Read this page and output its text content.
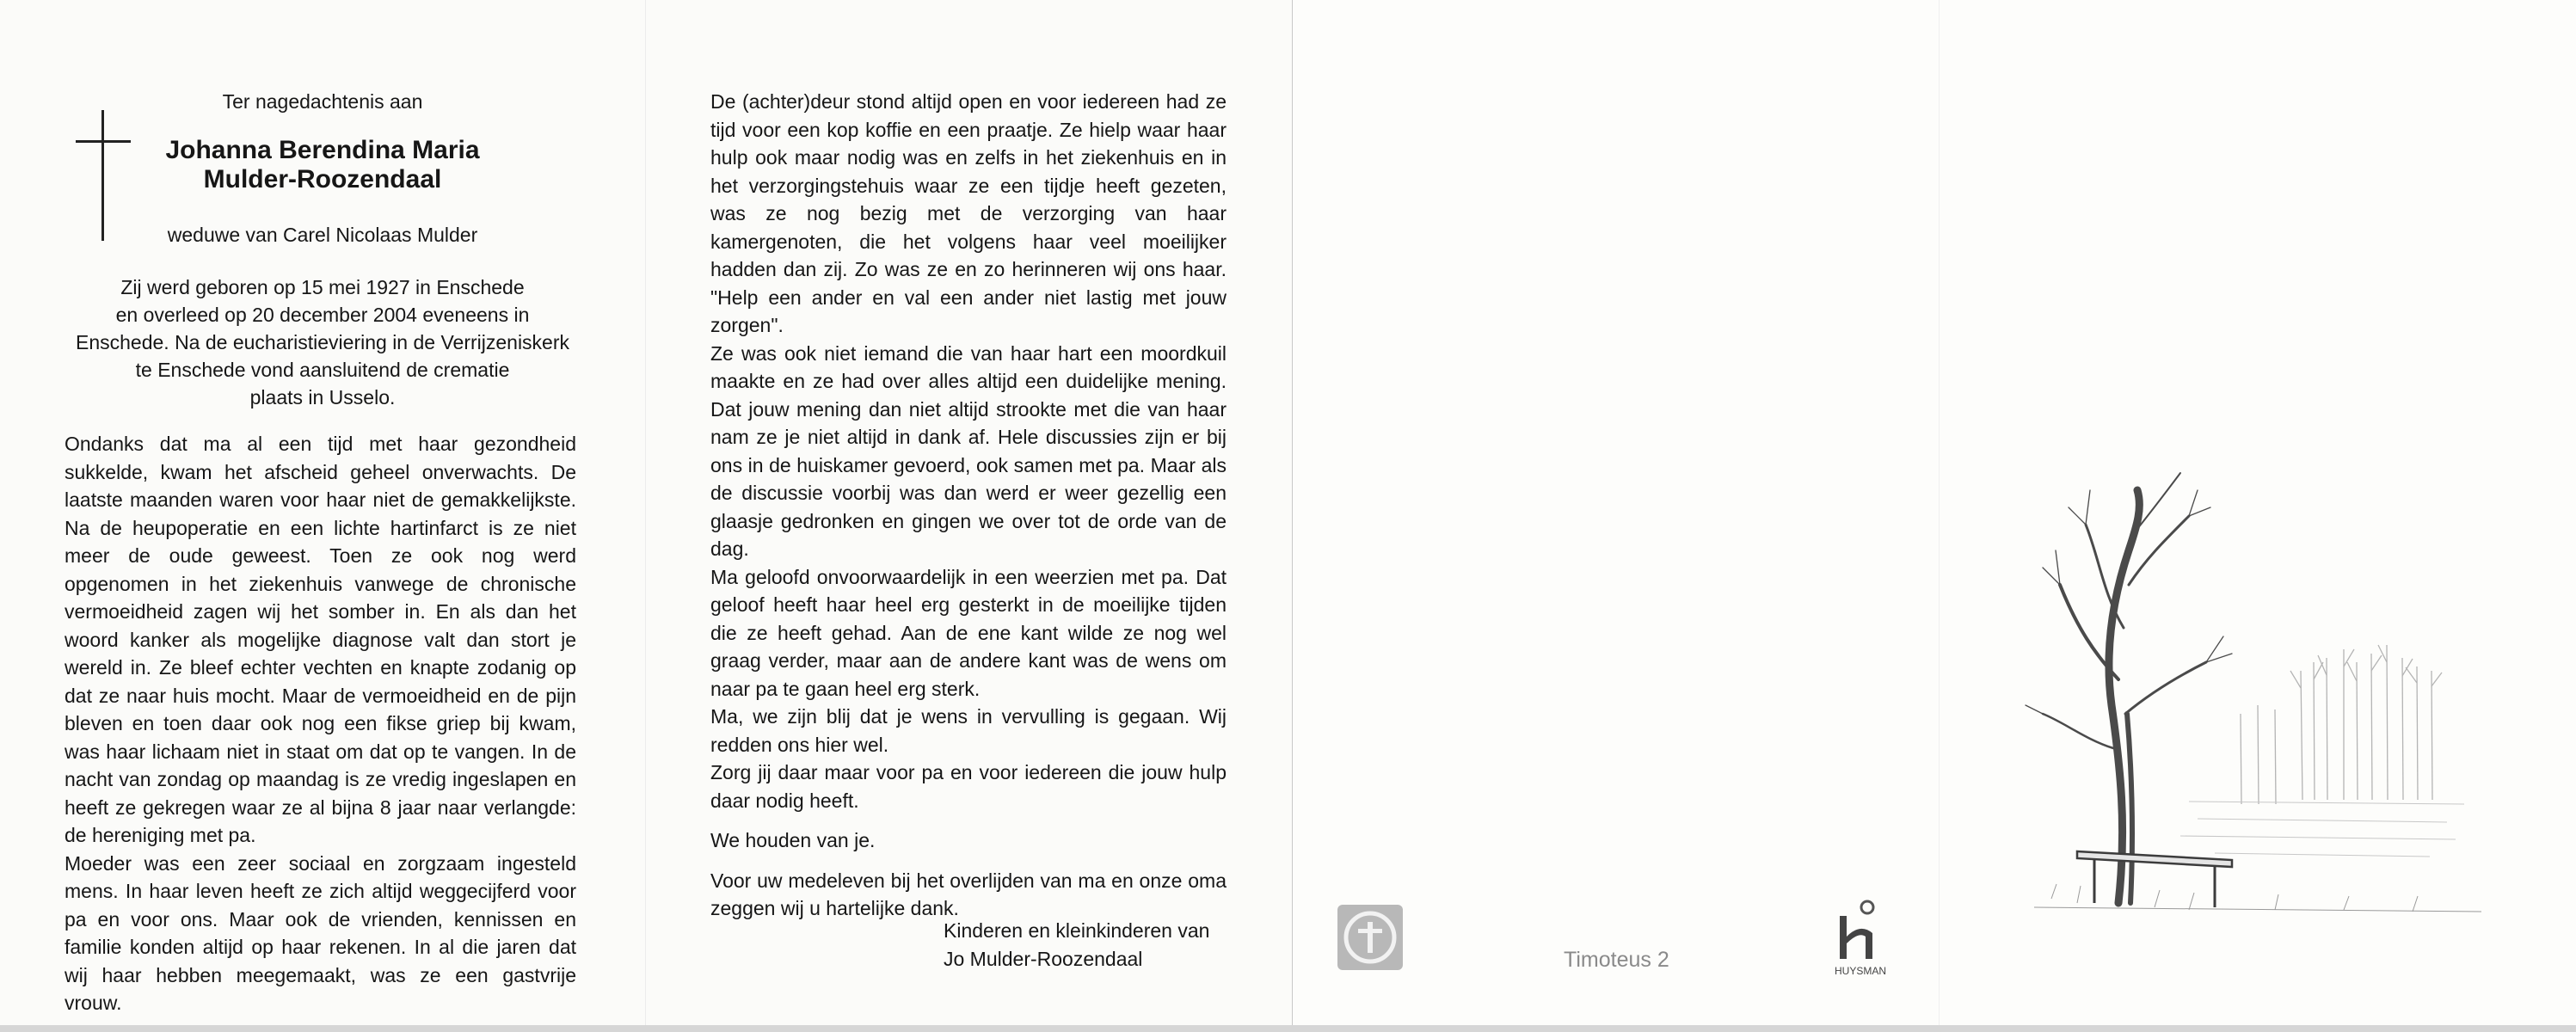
Ter nagedachtenis aan
Johanna Berendina Maria
Mulder-Roozendaal
weduwe van Carel Nicolaas Mulder
Zij werd geboren op 15 mei 1927 in Enschede
en overleed op 20 december 2004 eveneens in
Enschede. Na de eucharistieviering in de Verrijzeniskerk
te Enschede vond aansluitend de crematie
plaats in Usselo.

Ondanks dat ma al een tijd met haar gezondheid sukkelde, kwam het afscheid geheel onverwachts. De laatste maanden waren voor haar niet de gemakkelijkste. Na de heupoperatie en een lichte hartinfarct is ze niet meer de oude geweest. Toen ze ook nog werd opgenomen in het ziekenhuis vanwege de chronische vermoeidheid zagen wij het somber in. En als dan het woord kanker als mogelijke diagnose valt dan stort je wereld in. Ze bleef echter vechten en knapte zodanig op dat ze naar huis mocht. Maar de vermoeidheid en de pijn bleven en toen daar ook nog een fikse griep bij kwam, was haar lichaam niet in staat om dat op te vangen. In de nacht van zondag op maandag is ze vredig ingeslapen en heeft ze gekregen waar ze al bijna 8 jaar naar verlangde: de hereniging met pa.

Moeder was een zeer sociaal en zorgzaam ingesteld mens. In haar leven heeft ze zich altijd weggecijferd voor pa en voor ons. Maar ook de vrienden, kennissen en familie konden altijd op haar rekenen. In al die jaren dat wij haar hebben meegemaakt, was ze een gastvrije vrouw.

De (achter)deur stond altijd open en voor iedereen had ze tijd voor een kop koffie en een praatje. Ze hielp waar haar hulp ook maar nodig was en zelfs in het ziekenhuis en in het verzorgingstehuis waar ze een tijdje heeft gezeten, was ze nog bezig met de verzorging van haar kamergenoten, die het volgens haar veel moeilijker hadden dan zij. Zo was ze en zo herinneren wij ons haar. "Help een ander en val een ander niet lastig met jouw zorgen".

Ze was ook niet iemand die van haar hart een moordkuil maakte en ze had over alles altijd een duidelijke mening. Dat jouw mening dan niet altijd strookte met die van haar nam ze je niet altijd in dank af. Hele discussies zijn er bij ons in de huiskamer gevoerd, ook samen met pa. Maar als de discussie voorbij was dan werd er weer gezellig een glaasje gedronken en gingen we over tot de orde van de dag.

Ma geloofd onvoorwaardelijk in een weerzien met pa. Dat geloof heeft haar heel erg gesterkt in de moeilijke tijden die ze heeft gehad. Aan de ene kant wilde ze nog wel graag verder, maar aan de andere kant was de wens om naar pa te gaan heel erg sterk.

Ma, we zijn blij dat je wens in vervulling is gegaan. Wij redden ons hier wel.

Zorg jij daar maar voor pa en voor iedereen die jouw hulp daar nodig heeft.

We houden van je.

Voor uw medeleven bij het overlijden van ma en onze oma zeggen wij u hartelijke dank.

Kinderen en kleinkinderen van
Jo Mulder-Roozendaal	Timoteus 2	HUYSMAN
